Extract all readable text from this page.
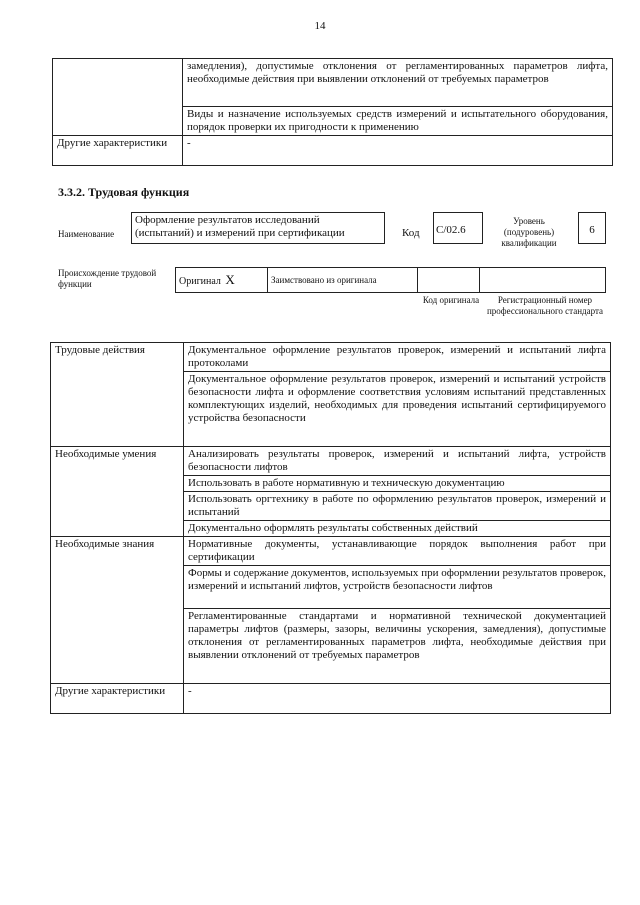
14
	замедления), допустимые отклонения от регламентированных параметров лифта, необходимые действия при выявлении отклонений от требуемых параметров
	Виды и назначение используемых средств измерений и испытательного оборудования, порядок проверки их пригодности к применению
Другие характеристики	-
3.3.2. Трудовая функция
Наименование
Оформление результатов исследований (испытаний) и измерений при сертификации	Код С/02.6
Уровень (подуровень) квалификации
6
Происхождение трудовой функции	Оригинал X	Заимствовано из оригинала
Код оригинала	Регистрационный номер профессионального стандарта
Трудовые действия	Документальное оформление результатов проверок, измерений и испытаний лифта протоколами
	Документальное оформление результатов проверок, измерений и испытаний устройств безопасности лифта и оформление соответствия условиям испытаний представленных комплектующих изделий, необходимых для проведения испытаний сертифицируемого устройства безопасности
Необходимые умения	Анализировать результаты проверок, измерений и испытаний лифта, устройств безопасности лифтов
	Использовать в работе нормативную и техническую документацию
	Использовать оргтехнику в работе по оформлению результатов проверок, измерений и испытаний
	Документально оформлять результаты собственных действий
Необходимые знания	Нормативные документы, устанавливающие порядок выполнения работ при сертификации
	Формы и содержание документов, используемых при оформлении результатов проверок, измерений и испытаний лифтов, устройств безопасности лифтов
	Регламентированные стандартами и нормативной технической документацией параметры лифтов (размеры, зазоры, величины ускорения, замедления), допустимые отклонения от регламентированных параметров лифта, необходимые действия при выявлении отклонений от требуемых параметров
Другие характеристики	-
